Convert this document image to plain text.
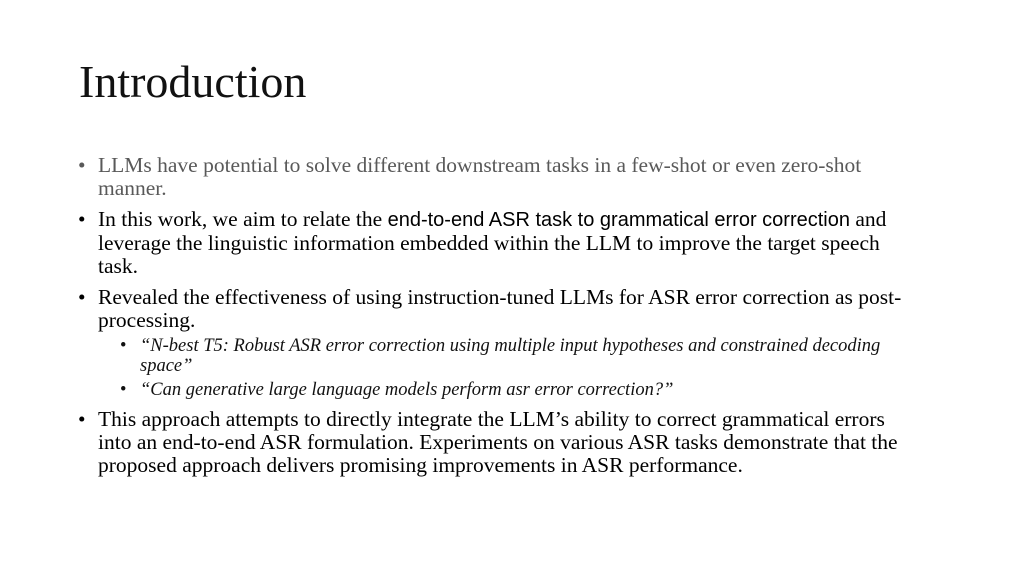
Introduction
• LLMs have potential to solve different downstream tasks in a few-shot or even zero-shot manner.
• In this work, we aim to relate the end-to-end ASR task to grammatical error correction and leverage the linguistic information embedded within the LLM to improve the target speech task.
• Revealed the effectiveness of using instruction-tuned LLMs for ASR error correction as post-processing.
• “N-best T5: Robust ASR error correction using multiple input hypotheses and constrained decoding space”
• “Can generative large language models perform asr error correction?”
• This approach attempts to directly integrate the LLM’s ability to correct grammatical errors into an end-to-end ASR formulation. Experiments on various ASR tasks demonstrate that the proposed approach delivers promising improvements in ASR performance.
